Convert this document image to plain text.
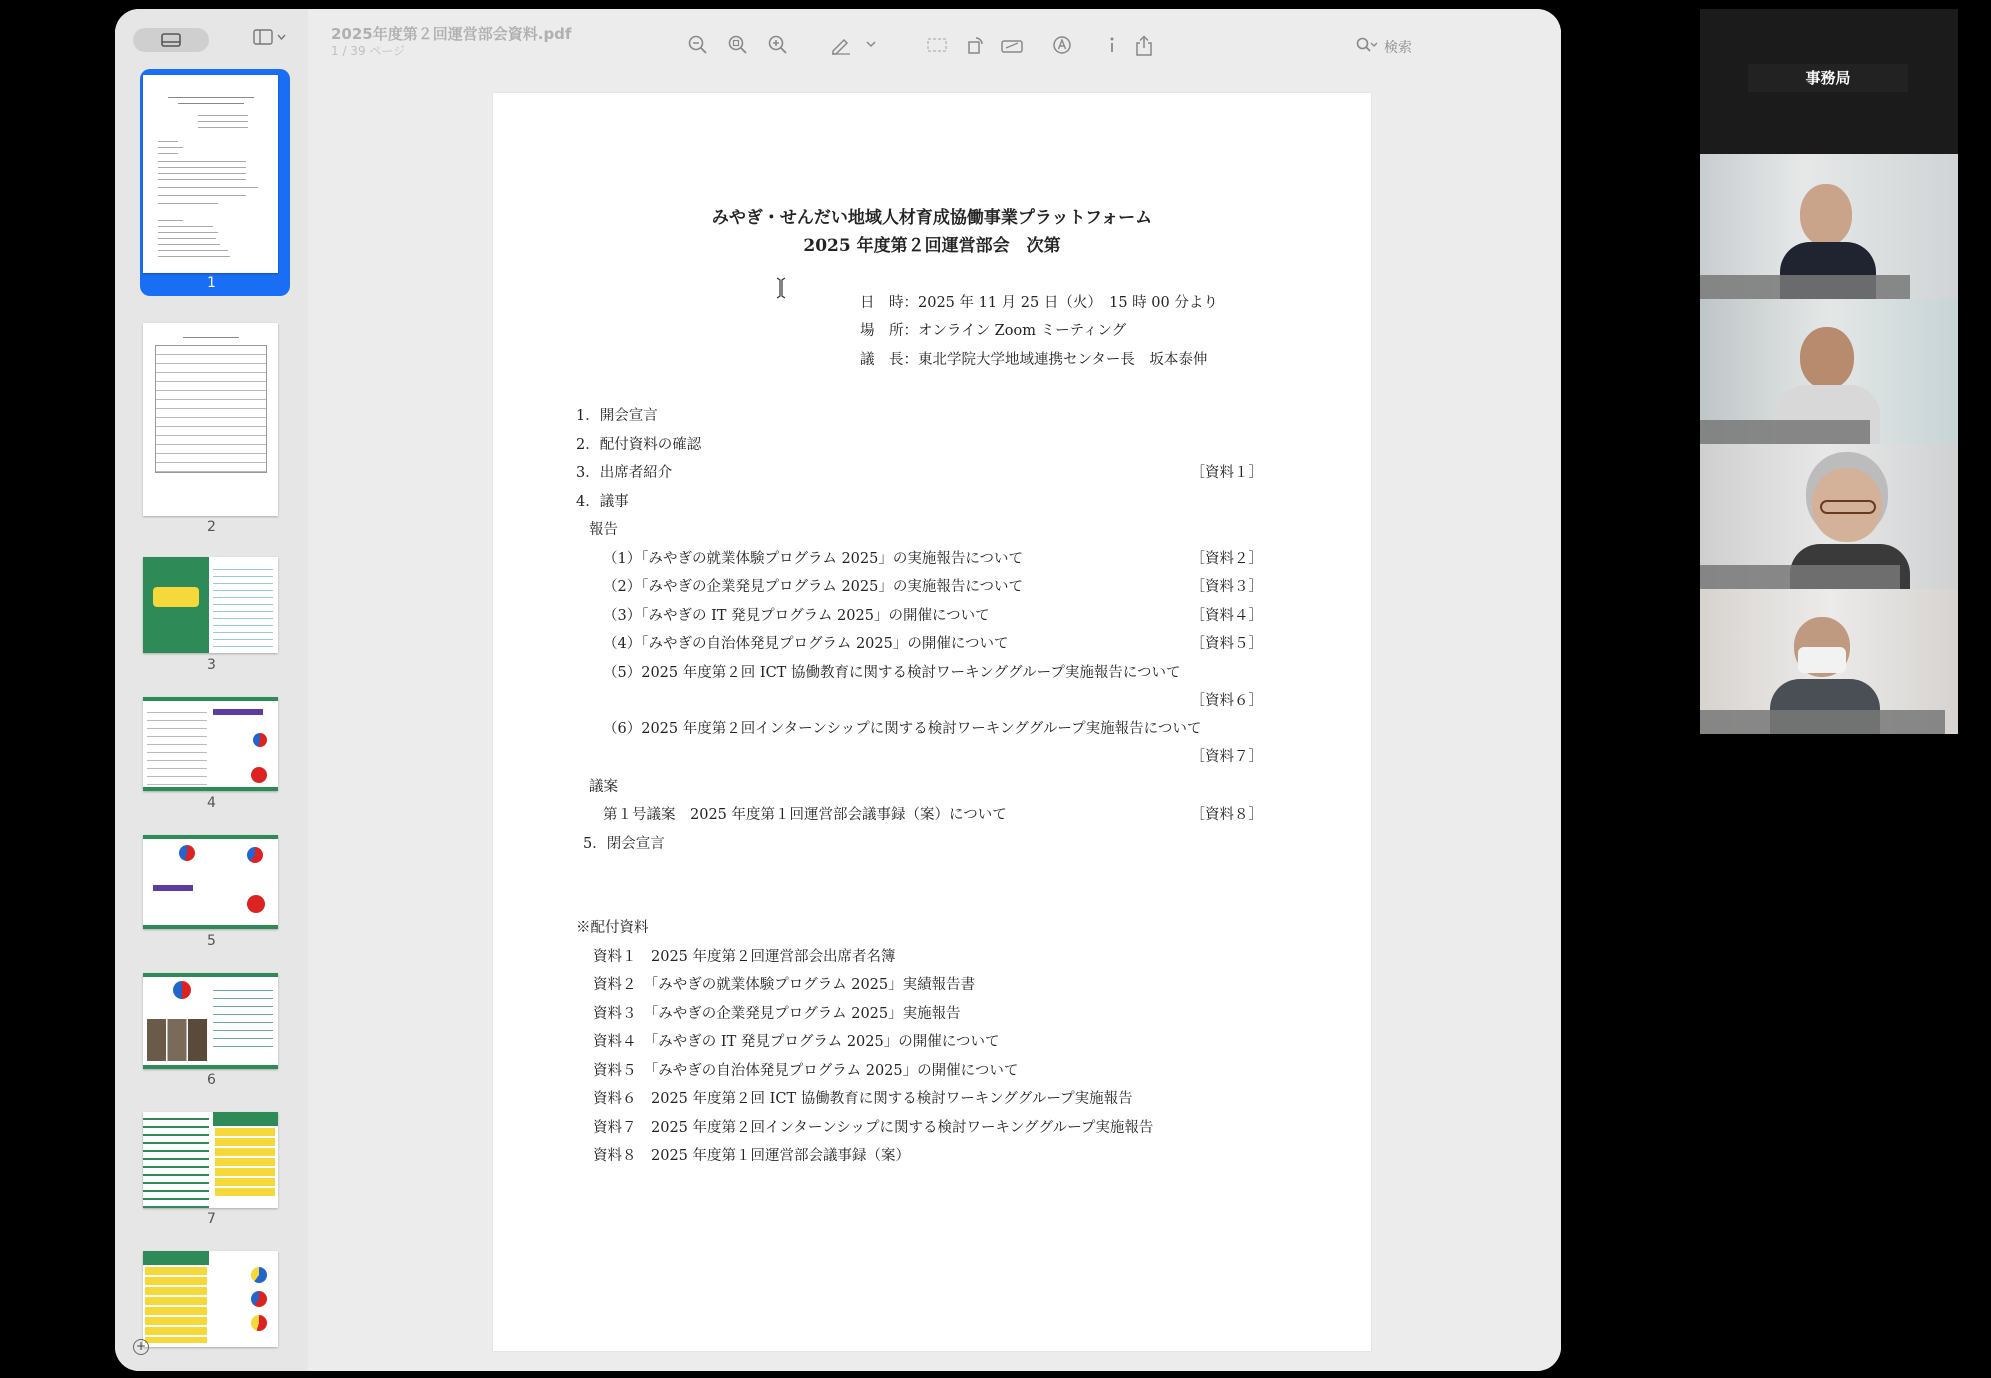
1
2
3
4
5
6
7
+
2025年度第２回運営部会資料.pdf
1 / 39 ページ	検索
みやぎ・せんだい地域人材育成協働事業プラットフォーム
2025 年度第２回運営部会　次第
日　時：2025 年 11 月 25 日（火）　15 時 00 分より
場　所：オンライン Zoom ミーティング
議　長：東北学院大学地域連携センター長　坂本泰伸
1．開会宣言
2．配付資料の確認
3．出席者紹介	［資料１］
4．議事
報告
（1）「みやぎの就業体験プログラム 2025」の実施報告について	［資料２］
（2）「みやぎの企業発見プログラム 2025」の実施報告について	［資料３］
（3）「みやぎの IT 発見プログラム 2025」の開催について	［資料４］
（4）「みやぎの自治体発見プログラム 2025」の開催について	［資料５］
（5）2025 年度第２回 ICT 協働教育に関する検討ワーキンググループ実施報告について
［資料６］
（6）2025 年度第２回インターンシップに関する検討ワーキンググループ実施報告について
［資料７］
議案
第１号議案　2025 年度第１回運営部会議事録（案）について	［資料８］
5．閉会宣言
※配付資料
資料１　2025 年度第２回運営部会出席者名簿
資料２　「みやぎの就業体験プログラム 2025」実績報告書
資料３　「みやぎの企業発見プログラム 2025」実施報告
資料４　「みやぎの IT 発見プログラム 2025」の開催について
資料５　「みやぎの自治体発見プログラム 2025」の開催について
資料６　2025 年度第２回 ICT 協働教育に関する検討ワーキンググループ実施報告
資料７　2025 年度第２回インターンシップに関する検討ワーキンググループ実施報告
資料８　2025 年度第１回運営部会議事録（案）
事務局
